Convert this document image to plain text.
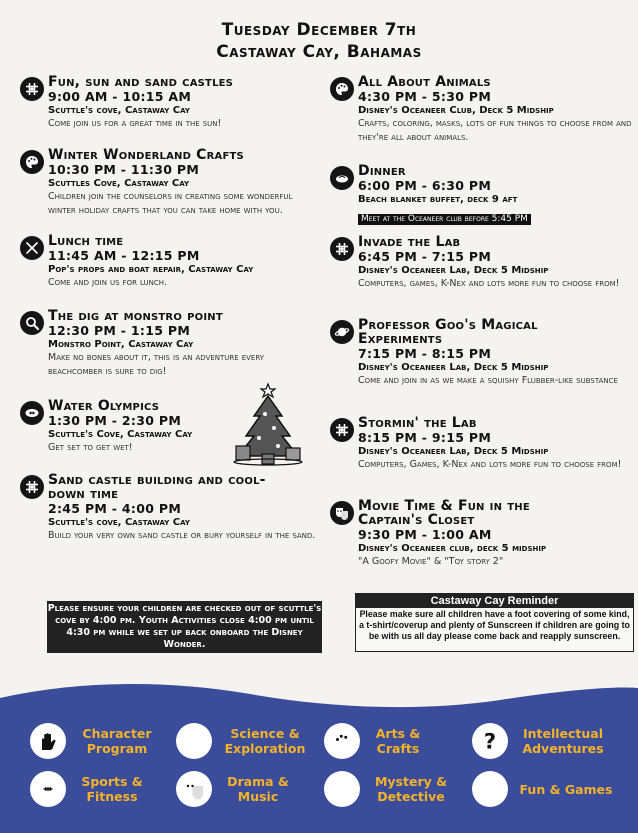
Tuesday December 7th
Castaway Cay, Bahamas
Fun, sun and sand castles
9:00 AM - 10:15 AM
Scuttle's cove, Castaway Cay
Come join us for a great time in the sun!
Winter Wonderland Crafts
10:30 PM - 11:30 PM
Scuttles Cove, Castaway Cay
Children join the counselors in creating some wonderful winter holiday crafts that you can take home with you.
Lunch time
11:45 AM - 12:15 PM
Pop's props and boat repair, Castaway Cay
Come and join us for lunch.
The dig at monstro point
12:30 PM - 1:15 PM
Monstro Point, Castaway Cay
Make no bones about it, this is an adventure every beachcomber is sure to dig!
Water Olympics
1:30 PM - 2:30 PM
Scuttle's Cove, Castaway Cay
Get set to get wet!
Sand castle building and cool-down time
2:45 PM - 4:00 PM
Scuttle's cove, Castaway Cay
Build your very own sand castle or bury yourself in the sand.
All About Animals
4:30 PM - 5:30 PM
Disney's Oceaneer Club, Deck 5 Midship
Crafts, coloring, masks, lots of fun things to choose from and they're all about animals.
Dinner
6:00 PM - 6:30 PM
Beach blanket buffet, deck 9 aft
Meet at the Oceaneer club before 5:45 PM
Invade the Lab
6:45 PM - 7:15 PM
Disney's Oceaneer Lab, Deck 5 Midship
Computers, games, K-Nex and lots more fun to choose from!
Professor Goo's Magical Experiments
7:15 PM - 8:15 PM
Disney's Oceaneer Lab, Deck 5 Midship
Come and join in as we make a squishy Flubber-like substance
Stormin' the Lab
8:15 PM - 9:15 PM
Disney's Oceaneer Lab, Deck 5 Midship
Computers, Games, K-Nex and lots more fun to choose from!
Movie Time & Fun in the Captain's Closet
9:30 PM - 1:00 AM
Disney's Oceaneer club, deck 5 midship
"A Goofy Movie" & "Toy story 2"
Please ensure your children are checked out of scuttle's cove by 4:00 pm. Youth Activities close 4:00 pm until 4:30 pm while we set up back onboard the Disney Wonder.
Castaway Cay Reminder
Please make sure all children have a foot covering of some kind, a t-shirt/coverup and plenty of Sunscreen if children are going to be with us all day please come back and reapply sunscreen.
Character Program
Science & Exploration
Arts & Crafts	?	Intellectual Adventures
Sports & Fitness
Drama & Music
Mystery & Detective	Fun & Games
